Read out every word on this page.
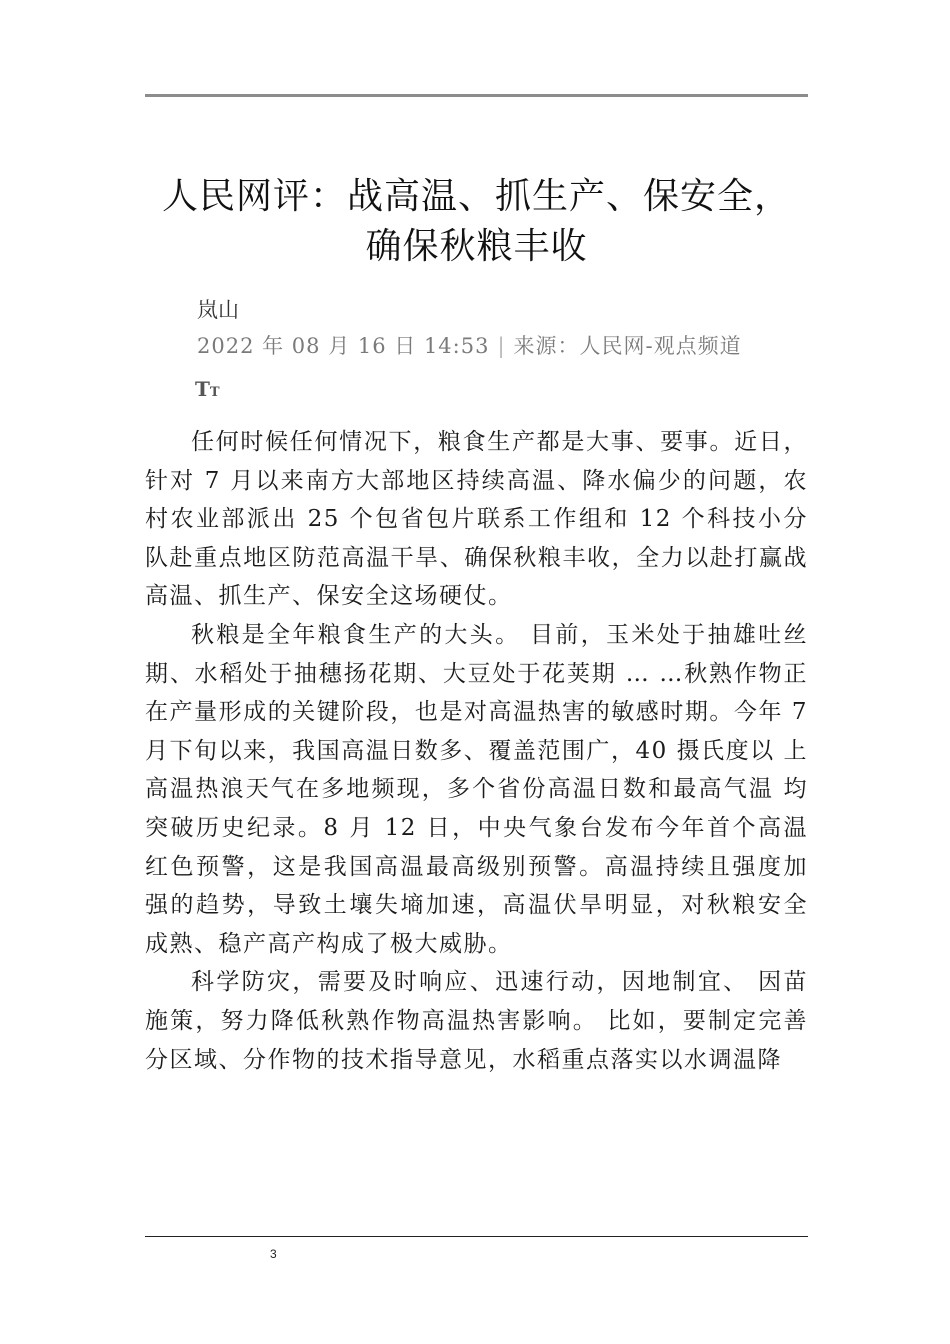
人民网评：战高温、抓生产、保安全，确保秋粮丰收
岚山
2022 年 08 月 16 日 14:53 | 来源：人民网-观点频道
TT

任何时候任何情况下，粮食生产都是大事、要事。近日，针对 7 月以来南方大部地区持续高温、降水偏少的问题，农村农业部派出 25 个包省包片联系工作组和 12 个科技小分队赴重点地区防范高温干旱、确保秋粮丰收，全力以赴打赢战高温、抓生产、保安全这场硬仗。

秋粮是全年粮食生产的大头。 目前，玉米处于抽雄吐丝期、水稻处于抽穗扬花期、大豆处于花荚期 … …秋熟作物正 在产量形成的关键阶段，也是对高温热害的敏感时期。今年 7 月下旬以来，我国高温日数多、覆盖范围广，40 摄氏度以 上高温热浪天气在多地频现，多个省份高温日数和最高气温 均突破历史纪录。8 月 12 日，中央气象台发布今年首个高温 红色预警，这是我国高温最高级别预警。高温持续且强度加 强的趋势，导致土壤失墒加速，高温伏旱明显，对秋粮安全 成熟、稳产高产构成了极大威胁。

科学防灾，需要及时响应、迅速行动，因地制宜、 因苗施策，努力降低秋熟作物高温热害影响。 比如，要制定完善分区域、分作物的技术指导意见，水稻重点落实以水调温降

3
